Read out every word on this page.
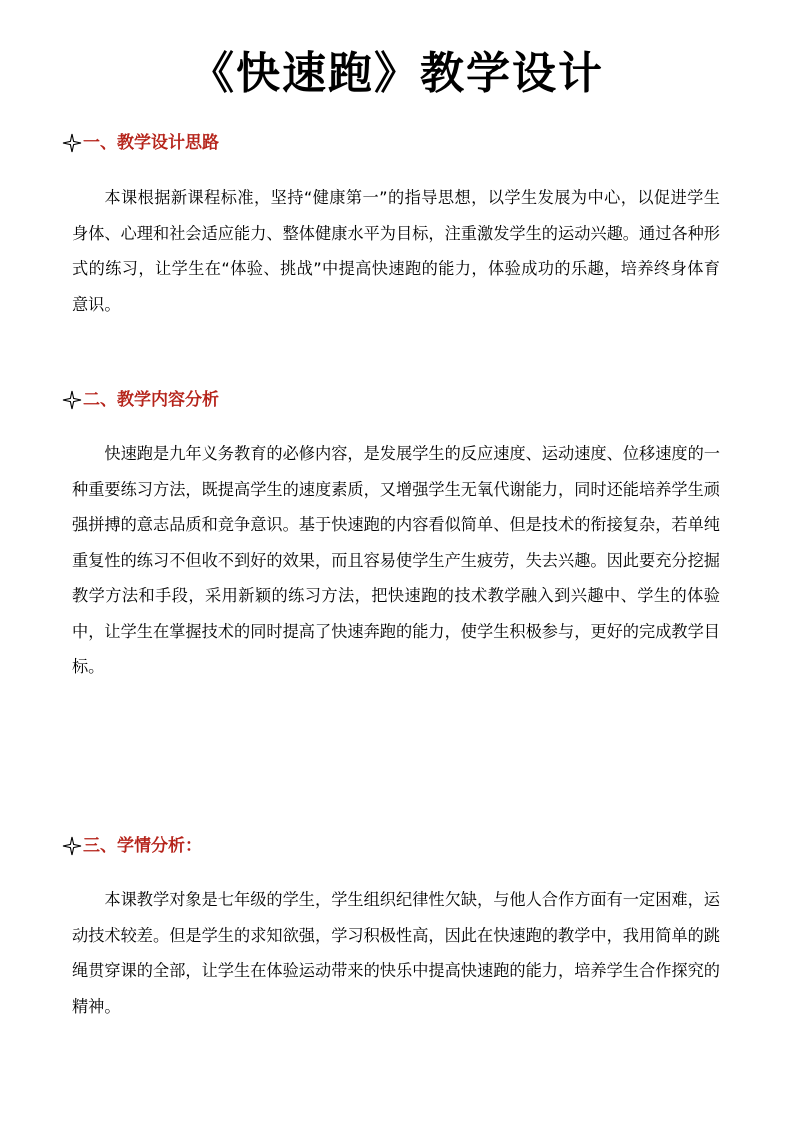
《快速跑》教学设计
一、教学设计思路

本课根据新课程标准，坚持“健康第一”的指导思想，以学生发展为中心，以促进学生身体、心理和社会适应能力、整体健康水平为目标，注重激发学生的运动兴趣。通过各种形式的练习，让学生在“体验、挑战”中提高快速跑的能力，体验成功的乐趣，培养终身体育意识。

二、教学内容分析

快速跑是九年义务教育的必修内容，是发展学生的反应速度、运动速度、位移速度的一种重要练习方法，既提高学生的速度素质，又增强学生无氧代谢能力，同时还能培养学生顽强拼搏的意志品质和竞争意识。基于快速跑的内容看似简单、但是技术的衔接复杂，若单纯重复性的练习不但收不到好的效果，而且容易使学生产生疲劳，失去兴趣。因此要充分挖掘教学方法和手段，采用新颖的练习方法，把快速跑的技术教学融入到兴趣中、学生的体验中，让学生在掌握技术的同时提高了快速奔跑的能力，使学生积极参与，更好的完成教学目标。

三、学情分析：

本课教学对象是七年级的学生，学生组织纪律性欠缺，与他人合作方面有一定困难，运动技术较差。但是学生的求知欲强，学习积极性高，因此在快速跑的教学中，我用简单的跳绳贯穿课的全部，让学生在体验运动带来的快乐中提高快速跑的能力，培养学生合作探究的精神。
